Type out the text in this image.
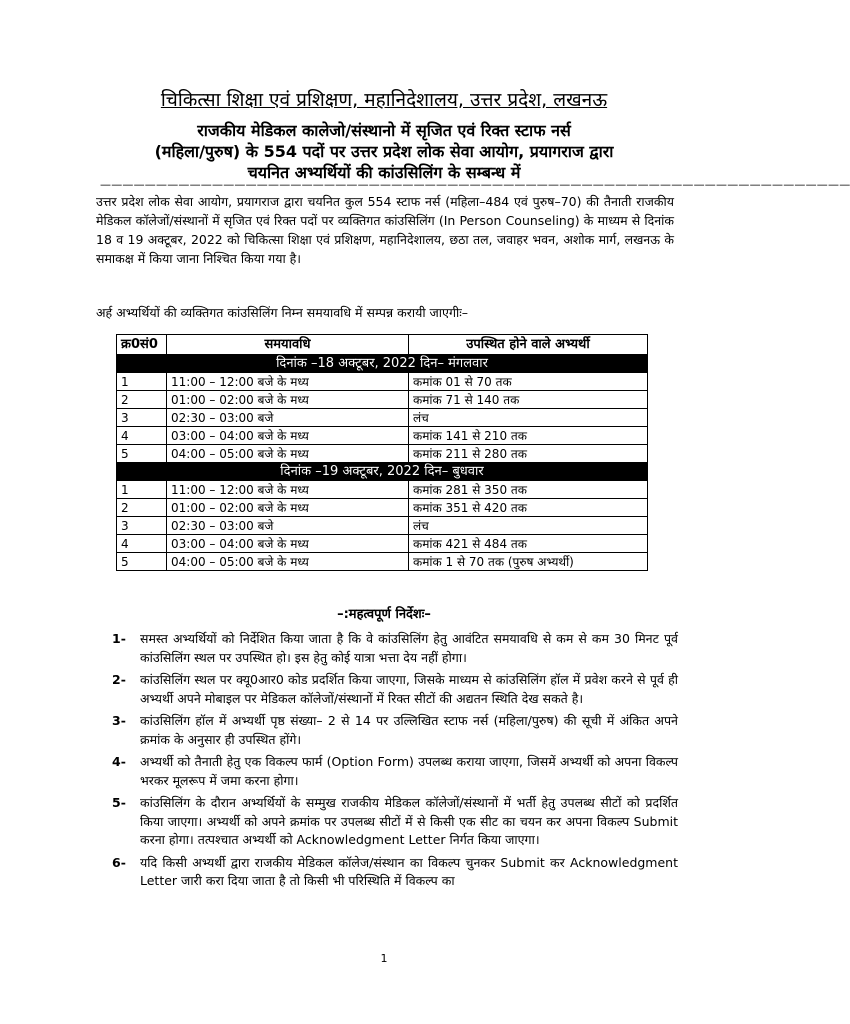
चिकित्सा शिक्षा एवं प्रशिक्षण, महानिदेशालय, उत्तर प्रदेश, लखनऊ
राजकीय मेडिकल कालेजो/संस्थानो में सृजित एवं रिक्त स्टाफ नर्स
(महिला/पुरुष) के 554 पदों पर उत्तर प्रदेश लोक सेवा आयोग, प्रयागराज द्वारा
चयनित अभ्यर्थियों की कांउसिलिंग के सम्बन्ध में
———————————————————————————————————————————————————————————————————
उत्तर प्रदेश लोक सेवा आयोग, प्रयागराज द्वारा चयनित कुल 554 स्टाफ नर्स (महिला–484 एवं पुरुष–70) की तैनाती राजकीय मेडिकल कॉलेजों/संस्थानों में सृजित एवं रिक्त पदों पर व्यक्तिगत कांउसिलिंग (In Person Counseling) के माध्यम से दिनांक 18 व 19 अक्टूबर, 2022 को चिकित्सा शिक्षा एवं प्रशिक्षण, महानिदेशालय, छठा तल, जवाहर भवन, अशोक मार्ग, लखनऊ के समाकक्ष में किया जाना निश्चित किया गया है।
अर्ह अभ्यर्थियों की व्यक्तिगत कांउसिलिंग निम्न समयावधि में सम्पन्न करायी जाएगीः–
क्र0सं0	समयावधि	उपस्थित होने वाले अभ्यर्थी
दिनांक –18 अक्टूबर, 2022 दिन– मंगलवार		
1	11:00 – 12:00 बजे के मध्य	कमांक 01 से 70 तक
2	01:00 – 02:00 बजे के मध्य	कमांक 71 से 140 तक
3	02:30 – 03:00 बजे	लंच
4	03:00 – 04:00 बजे के मध्य	कमांक 141 से 210 तक
5	04:00 – 05:00 बजे के मध्य	कमांक 211 से 280 तक
दिनांक –19 अक्टूबर, 2022 दिन– बुधवार		
1	11:00 – 12:00 बजे के मध्य	कमांक 281 से 350 तक
2	01:00 – 02:00 बजे के मध्य	कमांक 351 से 420 तक
3	02:30 – 03:00 बजे	लंच
4	03:00 – 04:00 बजे के मध्य	कमांक 421 से 484 तक
5	04:00 – 05:00 बजे के मध्य	कमांक 1 से 70 तक (पुरुष अभ्यर्थी)
–:महत्वपूर्ण निर्देशः–
1- समस्त अभ्यर्थियों को निर्देशित किया जाता है कि वे कांउसिलिंग हेतु आवंटित समयावधि से कम से कम 30 मिनट पूर्व कांउसिलिंग स्थल पर उपस्थित हो। इस हेतु कोई यात्रा भत्ता देय नहीं होगा।
2- कांउसिलिंग स्थल पर क्यू0आर0 कोड प्रदर्शित किया जाएगा, जिसके माध्यम से कांउसिलिंग हॉल में प्रवेश करने से पूर्व ही अभ्यर्थी अपने मोबाइल पर मेडिकल कॉलेजों/संस्थानों में रिक्त सीटों की अद्यतन स्थिति देख सकते है।
3- कांउसिलिंग हॉल में अभ्यर्थी पृष्ठ संख्या– 2 से 14 पर उल्लिखित स्टाफ नर्स (महिला/पुरुष) की सूची में अंकित अपने क्रमांक के अनुसार ही उपस्थित होंगे।
4- अभ्यर्थी को तैनाती हेतु एक विकल्प फार्म (Option Form) उपलब्ध कराया जाएगा, जिसमें अभ्यर्थी को अपना विकल्प भरकर मूलरूप में जमा करना होगा।
5- कांउसिलिंग के दौरान अभ्यर्थियों के सम्मुख राजकीय मेडिकल कॉलेजों/संस्थानों में भर्ती हेतु उपलब्ध सीटों को प्रदर्शित किया जाएगा। अभ्यर्थी को अपने क्रमांक पर उपलब्ध सीटों में से किसी एक सीट का चयन कर अपना विकल्प Submit करना होगा। तत्पश्चात अभ्यर्थी को Acknowledgment Letter निर्गत किया जाएगा।
6- यदि किसी अभ्यर्थी द्वारा राजकीय मेडिकल कॉलेज/संस्थान का विकल्प चुनकर Submit कर Acknowledgment Letter जारी करा दिया जाता है तो किसी भी परिस्थिति में विकल्प का
1
